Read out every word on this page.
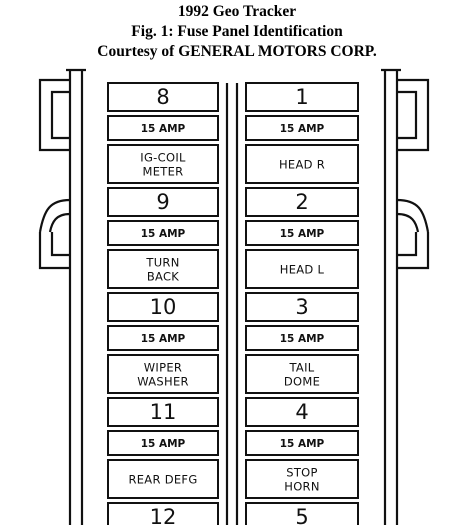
1992 Geo Tracker
Fig. 1: Fuse Panel Identification
Courtesy of GENERAL MOTORS CORP.
8
15 AMP
IG-COIL
METER
9
15 AMP
TURN
BACK
10
15 AMP
WIPER
WASHER
11
15 AMP
REAR DEFG
12
1
15 AMP
HEAD R
2
15 AMP
HEAD L
3
15 AMP
TAIL
DOME
4
15 AMP
STOP
HORN
5
